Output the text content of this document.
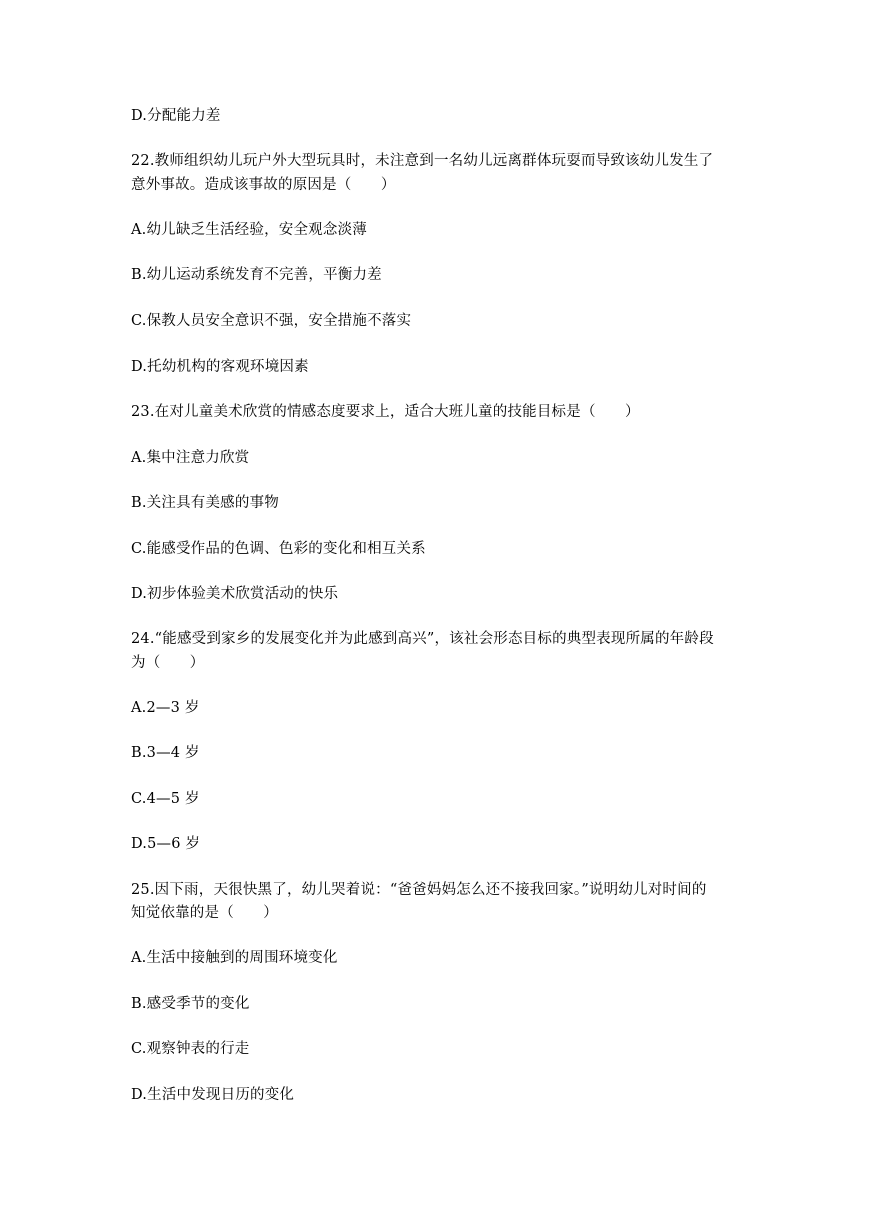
D.分配能力差
22.教师组织幼儿玩户外大型玩具时，未注意到一名幼儿远离群体玩耍而导致该幼儿发生了
意外事故。造成该事故的原因是（　　）
A.幼儿缺乏生活经验，安全观念淡薄
B.幼儿运动系统发育不完善，平衡力差
C.保教人员安全意识不强，安全措施不落实
D.托幼机构的客观环境因素
23.在对儿童美术欣赏的情感态度要求上，适合大班儿童的技能目标是（　　）
A.集中注意力欣赏
B.关注具有美感的事物
C.能感受作品的色调、色彩的变化和相互关系
D.初步体验美术欣赏活动的快乐
24.“能感受到家乡的发展变化并为此感到高兴”，该社会形态目标的典型表现所属的年龄段
为（　　）
A.2—3 岁
B.3—4 岁
C.4—5 岁
D.5—6 岁
25.因下雨，天很快黑了，幼儿哭着说：“爸爸妈妈怎么还不接我回家。”说明幼儿对时间的
知觉依靠的是（　　）
A.生活中接触到的周围环境变化
B.感受季节的变化
C.观察钟表的行走
D.生活中发现日历的变化
